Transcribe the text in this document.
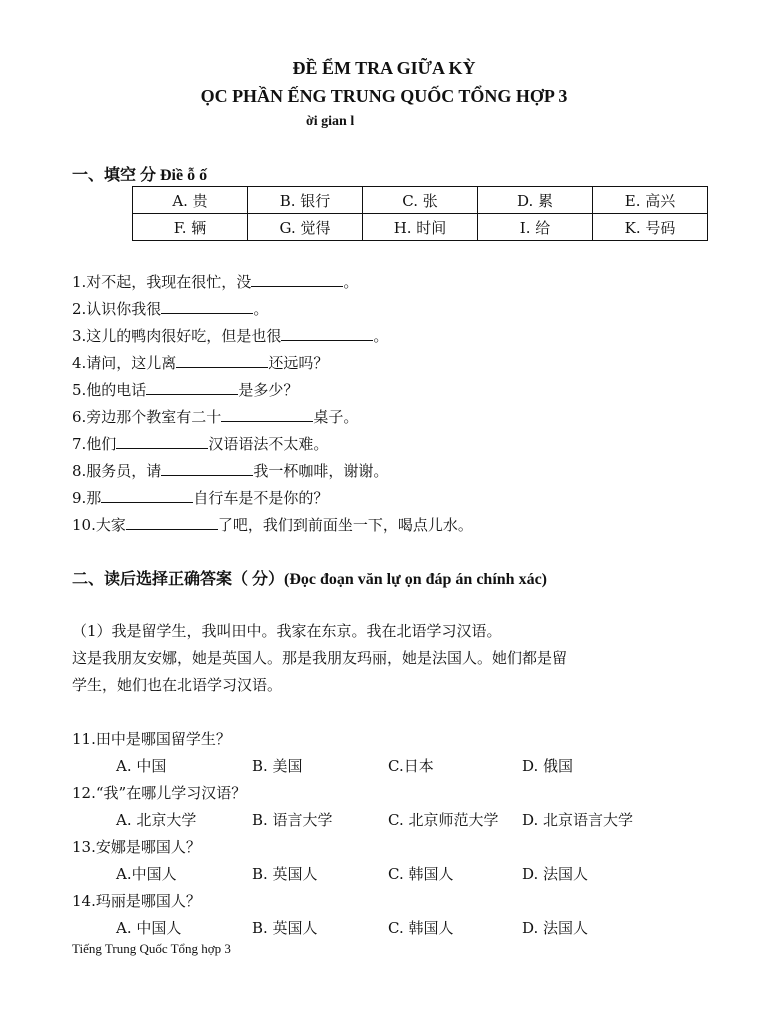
ĐỀ ỂM TRA GIỮA KỲ
ỌC PHẦN ẾNG TRUNG QUỐC TỔNG HỢP 3
ời gian l
一、填空 分 Điề ỗ ố
A. 贵	B. 银行	C. 张	D. 累	E. 高兴
F. 辆	G. 觉得	H. 时间	I. 给	K. 号码
1.对不起，我现在很忙，没	。
2.认识你我很	。
3.这儿的鸭肉很好吃，但是也很	。
4.请问，这儿离	还远吗？
5.他的电话	是多少？
6.旁边那个教室有二十	桌子。
7.他们	汉语语法不太难。
8.服务员，请	我一杯咖啡，谢谢。
9.那	自行车是不是你的？
10.大家	了吧，我们到前面坐一下，喝点儿水。
二、读后选择正确答案（ 分）(Đọc đoạn văn lự ọn đáp án chính xác)
（1）我是留学生，我叫田中。我家在东京。我在北语学习汉语。
这是我朋友安娜，她是英国人。那是我朋友玛丽，她是法国人。她们都是留
学生，她们也在北语学习汉语。
11.田中是哪国留学生？
A. 中国	B. 美国	C.日本	D. 俄国
12.“我”在哪儿学习汉语？
A. 北京大学	B. 语言大学	C. 北京师范大学 D. 北京语言大学
13.安娜是哪国人？
A.中国人	B. 英国人	C. 韩国人	D. 法国人
14.玛丽是哪国人？
A. 中国人	B. 英国人	C. 韩国人	D. 法国人
Tiếng Trung Quốc Tổng hợp 3
